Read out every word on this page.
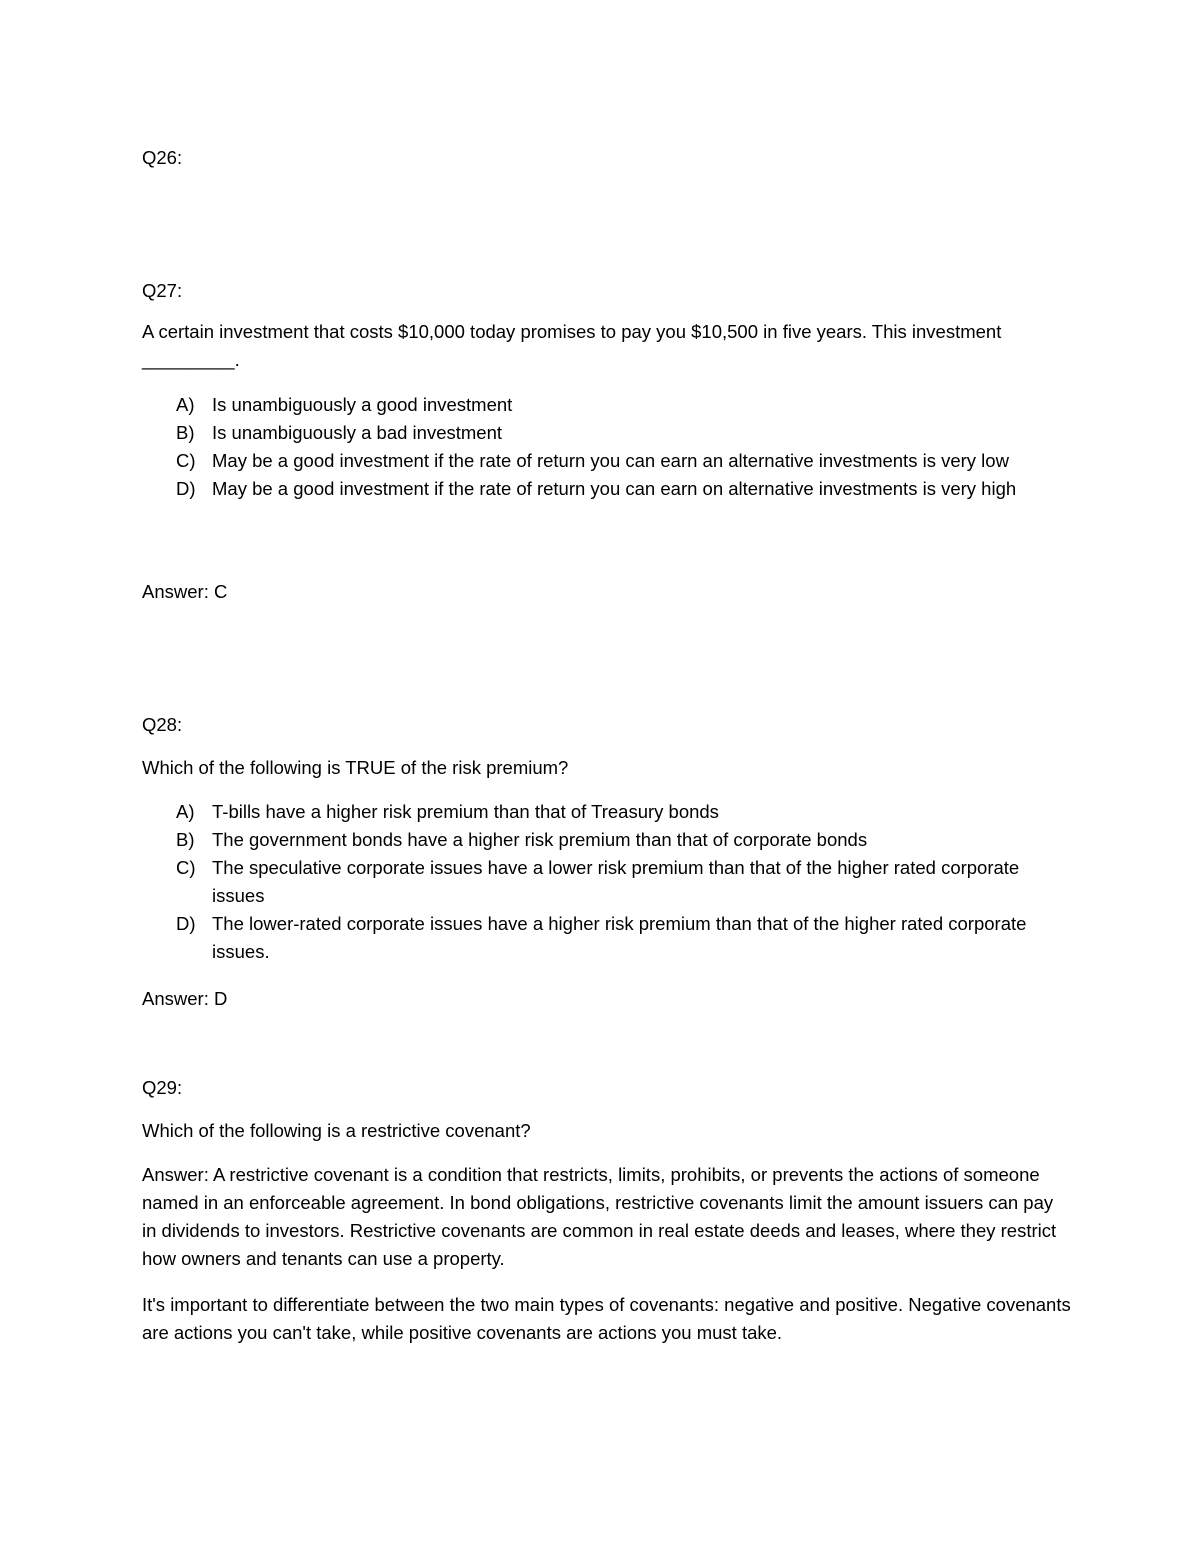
Q26:

Q27:

A certain investment that costs $10,000 today promises to pay you $10,500 in five years. This investment
_________.

A) Is unambiguously a good investment
B) Is unambiguously a bad investment
C) May be a good investment if the rate of return you can earn an alternative investments is very low
D) May be a good investment if the rate of return you can earn on alternative investments is very high

Answer: C

Q28:

Which of the following is TRUE of the risk premium?

A) T-bills have a higher risk premium than that of Treasury bonds
B) The government bonds have a higher risk premium than that of corporate bonds
C) The speculative corporate issues have a lower risk premium than that of the higher rated corporate issues
D) The lower-rated corporate issues have a higher risk premium than that of the higher rated corporate issues.

Answer: D

Q29:

Which of the following is a restrictive covenant?

Answer: A restrictive covenant is a condition that restricts, limits, prohibits, or prevents the actions of someone named in an enforceable agreement. In bond obligations, restrictive covenants limit the amount issuers can pay in dividends to investors. Restrictive covenants are common in real estate deeds and leases, where they restrict how owners and tenants can use a property.

It's important to differentiate between the two main types of covenants: negative and positive. Negative covenants are actions you can't take, while positive covenants are actions you must take.
